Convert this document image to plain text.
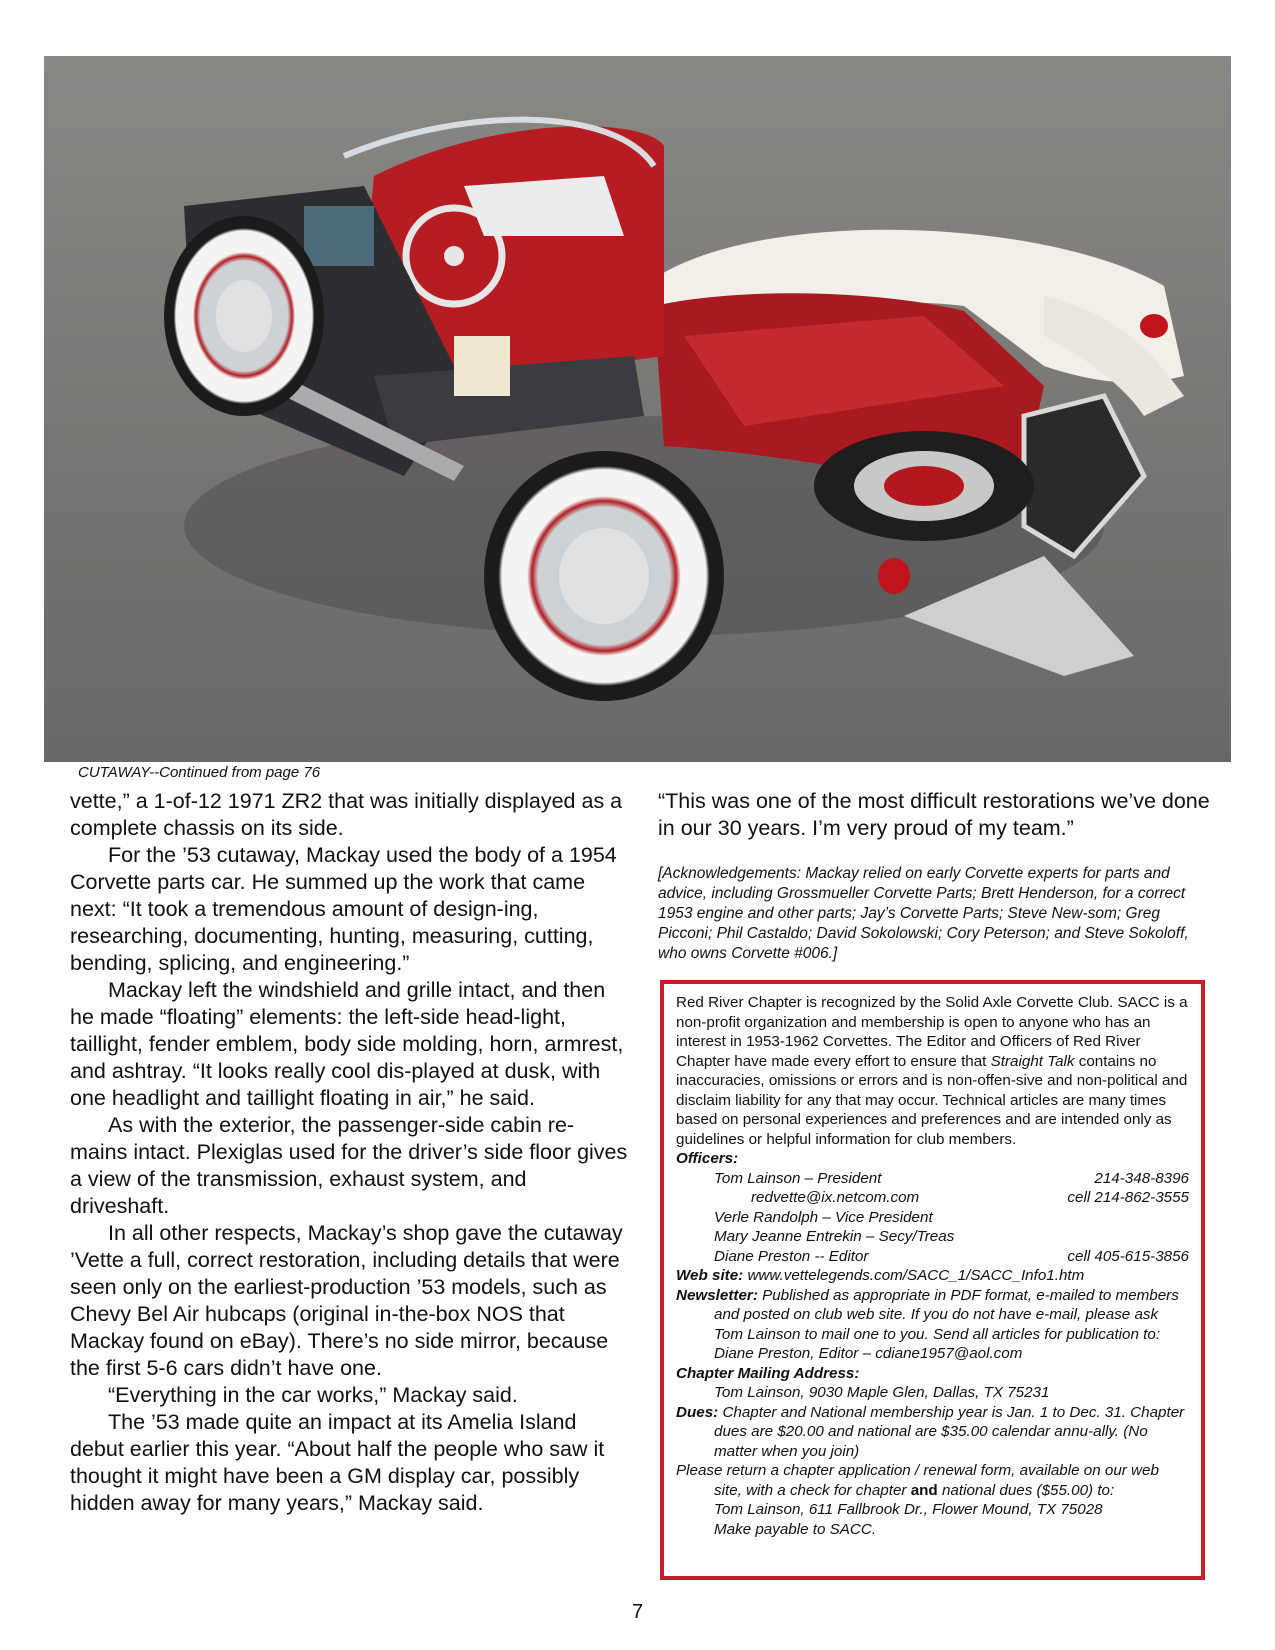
CUTAWAY--Continued from page 76

vette,” a 1-of-12 1971 ZR2 that was initially displayed as a complete chassis on its side.

For the ’53 cutaway, Mackay used the body of a 1954 Corvette parts car. He summed up the work that came next: “It took a tremendous amount of design-ing, researching, documenting, hunting, measuring, cutting, bending, splicing, and engineering.”

Mackay left the windshield and grille intact, and then he made “floating” elements: the left-side head-light, taillight, fender emblem, body side molding, horn, armrest, and ashtray. “It looks really cool dis-played at dusk, with one headlight and taillight floating in air,” he said.

As with the exterior, the passenger-side cabin re-mains intact. Plexiglas used for the driver’s side floor gives a view of the transmission, exhaust system, and driveshaft.

In all other respects, Mackay’s shop gave the cutaway ’Vette a full, correct restoration, including details that were seen only on the earliest-production ’53 models, such as Chevy Bel Air hubcaps (original in-the-box NOS that Mackay found on eBay). There’s no side mirror, because the first 5-6 cars didn’t have one.

“Everything in the car works,” Mackay said.

The ’53 made quite an impact at its Amelia Island debut earlier this year. “About half the people who saw it thought it might have been a GM display car, possibly hidden away for many years,” Mackay said.

“This was one of the most difficult restorations we’ve done in our 30 years. I’m very proud of my team.”

[Acknowledgements: Mackay relied on early Corvette experts for parts and advice, including Grossmueller Corvette Parts; Brett Henderson, for a correct 1953 engine and other parts; Jay’s Corvette Parts; Steve New-som; Greg Picconi; Phil Castaldo; David Sokolowski; Cory Peterson; and Steve Sokoloff, who owns Corvette #006.]

Red River Chapter is recognized by the Solid Axle Corvette Club. SACC is a non-profit organization and membership is open to anyone who has an interest in 1953-1962 Corvettes. The Editor and Officers of Red River Chapter have made every effort to ensure that Straight Talk contains no inaccuracies, omissions or errors and is non-offen-sive and non-political and disclaim liability for any that may occur. Technical articles are many times based on personal experiences and preferences and are intended only as guidelines or helpful information for club members.

Officers:

Tom Lainson – President	214-348-8396
redvette@ix.netcom.com	cell 214-862-3555
Verle Randolph – Vice President
Mary Jeanne Entrekin – Secy/Treas
Diane Preston -- Editor	cell 405-615-3856

Web site: www.vettelegends.com/SACC_1/SACC_Info1.htm

Newsletter: Published as appropriate in PDF format, e-mailed to members and posted on club web site. If you do not have e-mail, please ask Tom Lainson to mail one to you. Send all articles for publication to: Diane Preston, Editor – cdiane1957@aol.com

Chapter Mailing Address:

Tom Lainson, 9030 Maple Glen, Dallas, TX 75231

Dues: Chapter and National membership year is Jan. 1 to Dec. 31. Chapter dues are $20.00 and national are $35.00 calendar annu-ally. (No matter when you join)

Please return a chapter application / renewal form, available on our web site, with a check for chapter and national dues ($55.00) to:

Tom Lainson, 611 Fallbrook Dr., Flower Mound, TX 75028

Make payable to SACC.

7
